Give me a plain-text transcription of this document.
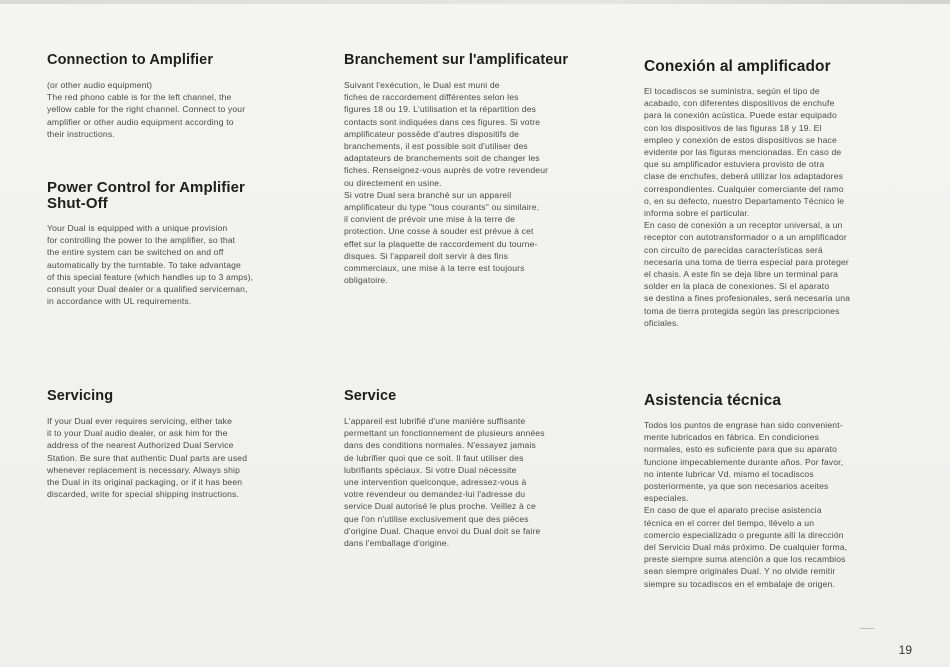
Connection to Amplifier

(or other audio equipment)
The red phono cable is for the left channel, the
yellow cable for the right channel. Connect to your
amplifier or other audio equipment according to
their instructions.

Power Control for Amplifier
Shut-Off

Your Dual is equipped with a unique provision
for controlling the power to the amplifier, so that
the entire system can be switched on and off
automatically by the turntable. To take advantage
of this special feature (which handles up to 3 amps),
consult your Dual dealer or a qualified serviceman,
in accordance with UL requirements.

Servicing

If your Dual ever requires servicing, either take
it to your Dual audio dealer, or ask him for the
address of the nearest Authorized Dual Service
Station. Be sure that authentic Dual parts are used
whenever replacement is necessary. Always ship
the Dual in its original packaging, or if it has been
discarded, write for special shipping instructions.

Branchement sur l'amplificateur

Suivant l'exécution, le Dual est muni de
fiches de raccordement différentes selon les
figures 18 ou 19. L'utilisation et la répartition des
contacts sont indiquées dans ces figures. Si votre
amplificateur possède d'autres dispositifs de
branchements, il est possible soit d'utiliser des
adaptateurs de branchements soit de changer les
fiches. Renseignez-vous auprès de votre revendeur
ou directement en usine.
Si votre Dual sera branché sur un appareil
amplificateur du type "tous courants" ou similaire,
il convient de prévoir une mise à la terre de
protection. Une cosse à souder est prévue à cet
effet sur la plaquette de raccordement du tourne-
disques. Si l'appareil doit servir à des fins
commerciaux, une mise à la terre est toujours
obligatoire.

Service

L'appareil est lubrifié d'une manière suffisante
permettant un fonctionnement de plusieurs années
dans des conditions normales. N'essayez jamais
de lubrifier quoi que ce soit. Il faut utiliser des
lubrifiants spéciaux. Si votre Dual nécessite
une intervention quelconque, adressez-vous à
votre revendeur ou demandez-lui l'adresse du
service Dual autorisé le plus proche. Veillez à ce
que l'on n'utilise exclusivement que des pièces
d'origine Dual. Chaque envoi du Dual doit se faire
dans l'emballage d'origine.

Conexión al amplificador

El tocadiscos se suministra, según el tipo de
acabado, con diferentes dispositivos de enchufe
para la conexión acústica. Puede estar equipado
con los dispositivos de las figuras 18 y 19. El
empleo y conexión de estos dispositivos se hace
evidente por las figuras mencionadas. En caso de
que su amplificador estuviera provisto de otra
clase de enchufes, deberá utilizar los adaptadores
correspondientes. Cualquier comerciante del ramo
o, en su defecto, nuestro Departamento Técnico le
informa sobre el particular.
En caso de conexión a un receptor universal, a un
receptor con autotransformador o a un amplificador
con circuito de parecidas características será
necesaria una toma de tierra especial para proteger
el chasis. A este fin se deja libre un terminal para
solder en la placa de conexiones. Si el aparato
se destina a fines profesionales, será necesaria una
toma de tierra protegida según las prescripciones
oficiales.

Asistencia técnica

Todos los puntos de engrase han sido convenient-
mente lubricados en fábrica. En condiciones
normales, esto es suficiente para que su aparato
funcione impecablemente durante años. Por favor,
no intente lubricar Vd. mismo el tocadiscos
posteriormente, ya que son necesarios aceites
especiales.
En caso de que el aparato precise asistencia
técnica en el correr del tiempo, llévelo a un
comercio especializado o pregunte allí la dirección
del Servicio Dual más próximo. De cualquier forma,
preste siempre suma atención a que los recambios
sean siempre originales Dual. Y no olvide remitir
siempre su tocadiscos en el embalaje de origen.

19
